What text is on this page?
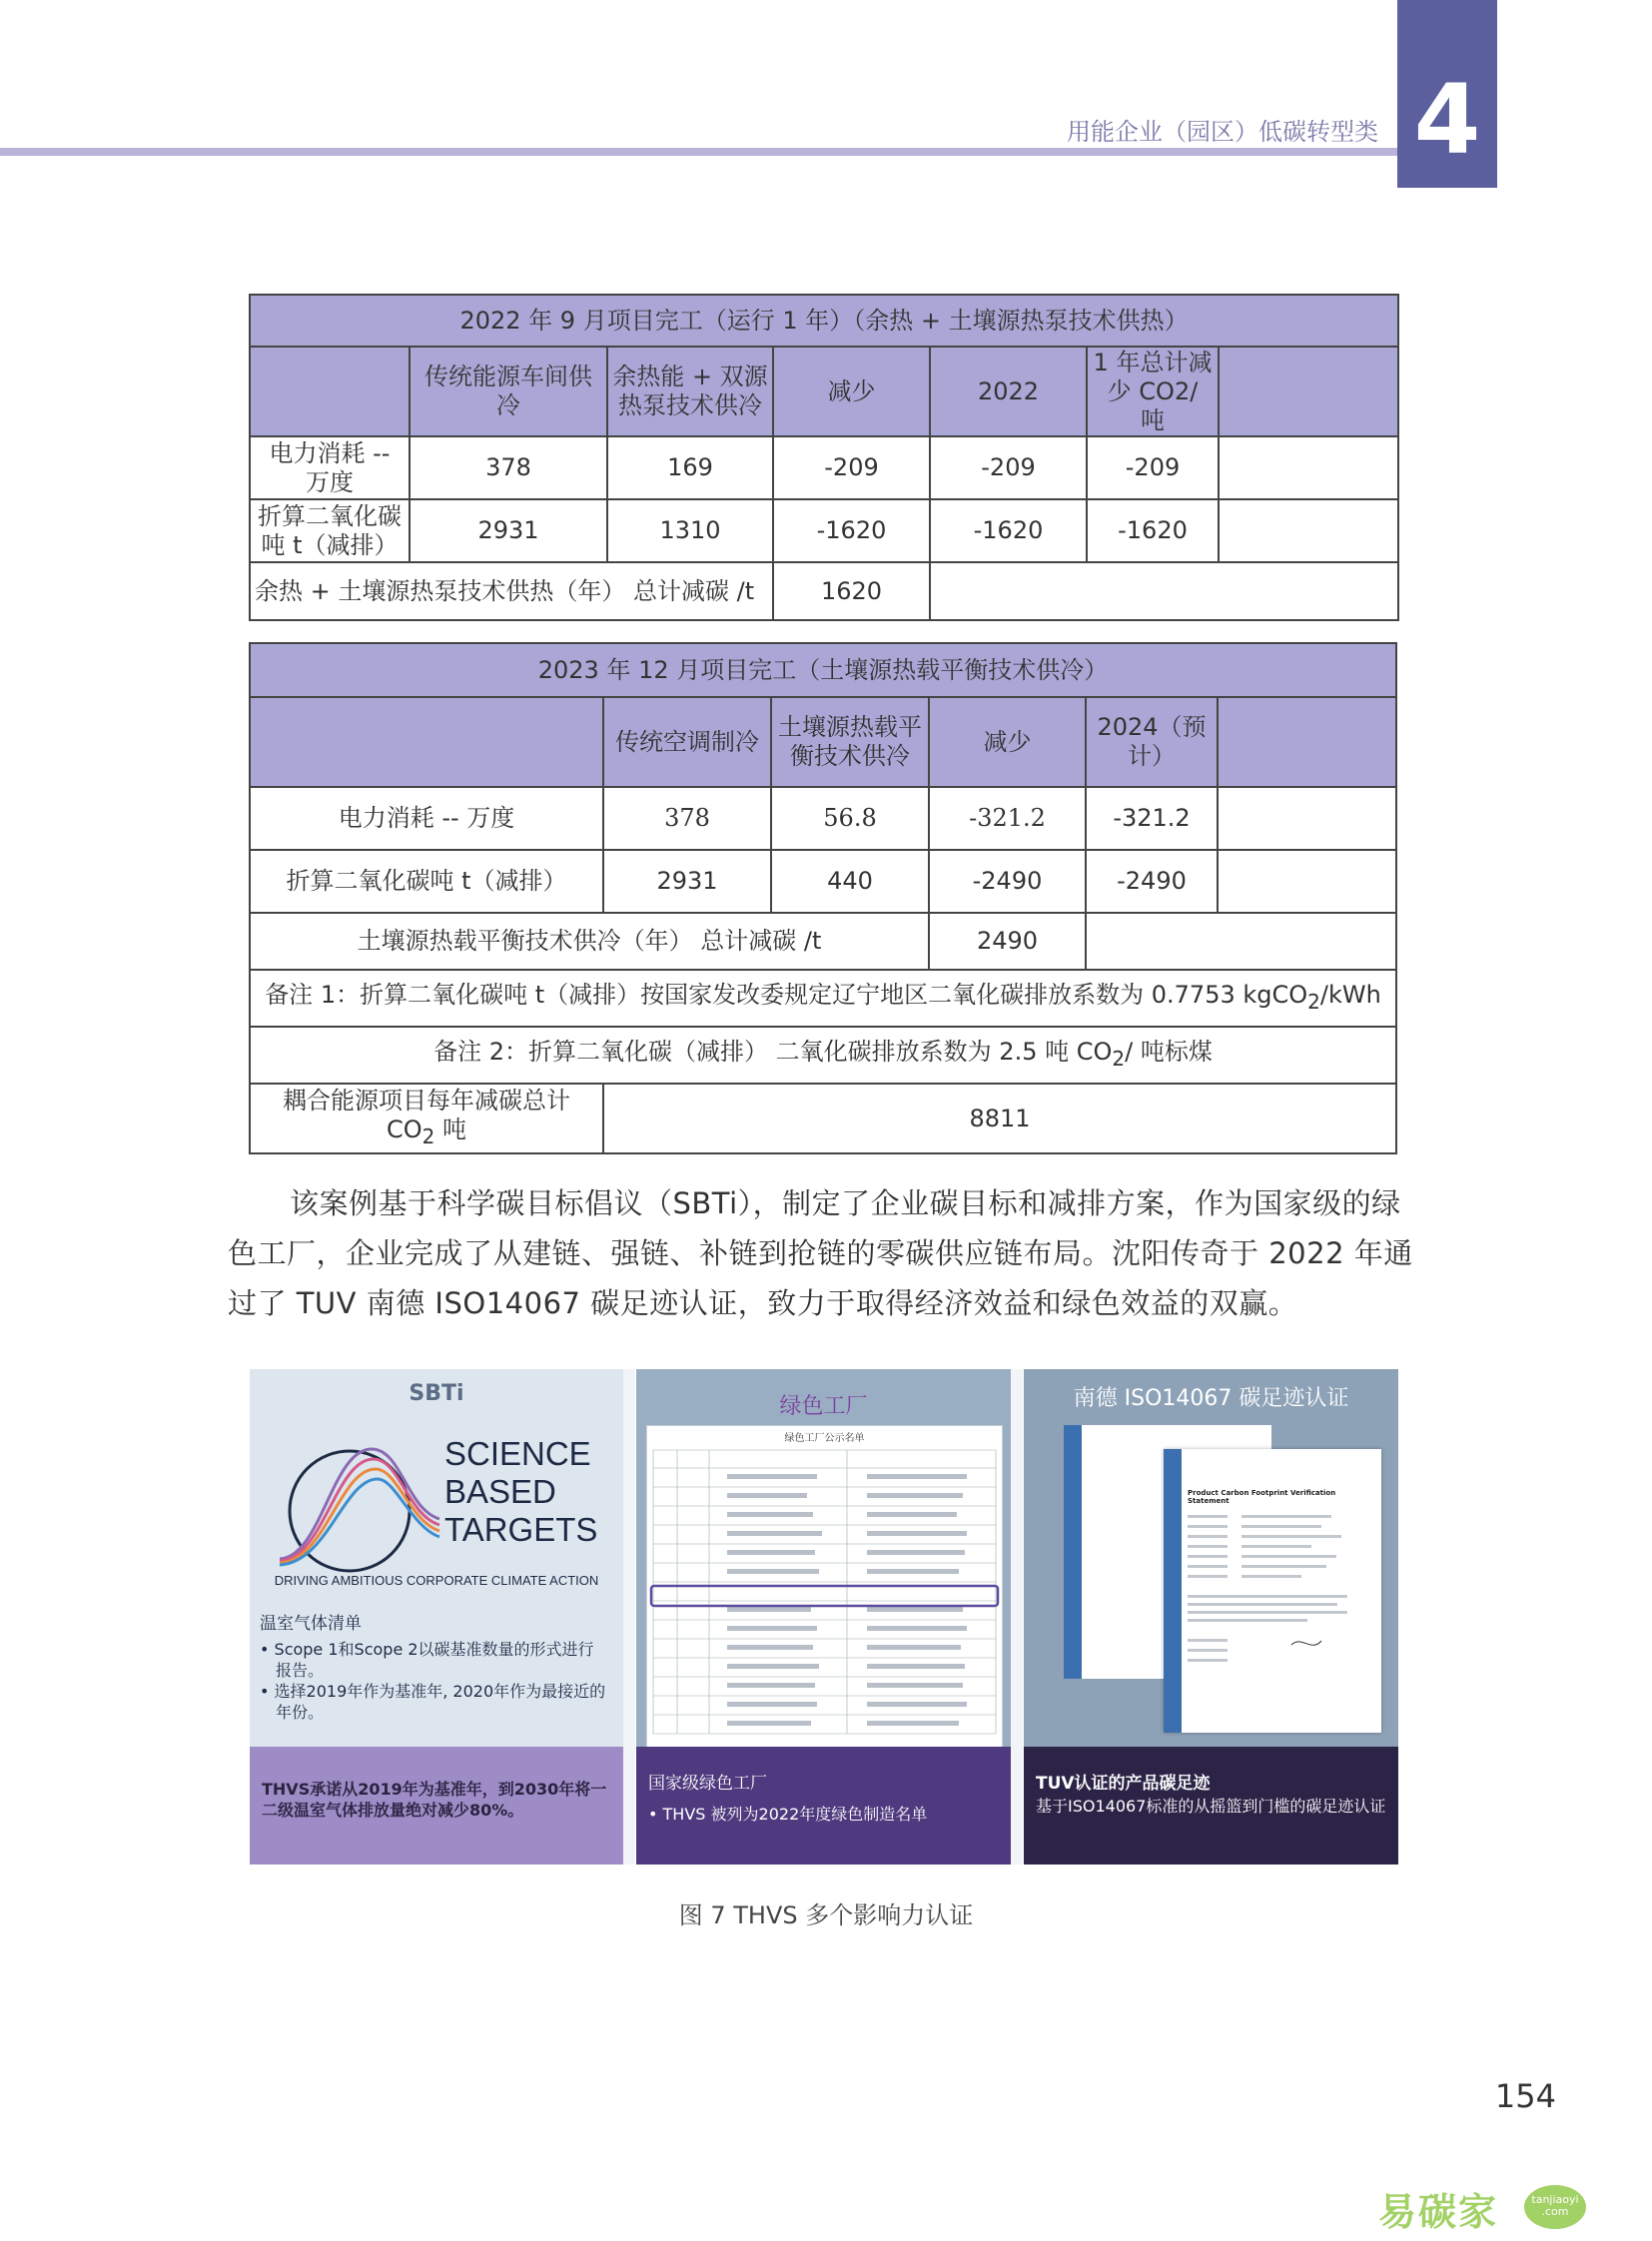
用能企业（园区）低碳转型类 4
2022 年 9 月项目完工（运行 1 年）（余热 + 土壤源热泵技术供热）						
	传统能源车间供冷	余热能 + 双源热泵技术供冷	减少	2022	1 年总计减少 CO2/ 吨	
电力消耗 -- 万度	378	169	-209	-209	-209	
折算二氧化碳吨 t（减排）	2931	1310	-1620	-1620	-1620	
余热 + 土壤源热泵技术供热（年） 总计减碳 /t			1620			
2023 年 12 月项目完工（土壤源热载平衡技术供冷）					
	传统空调制冷	土壤源热载平衡技术供冷	减少	2024（预计）	
电力消耗 -- 万度	378	56.8	-321.2	-321.2	
折算二氧化碳吨 t（减排）	2931	440	-2490	-2490	
土壤源热载平衡技术供冷（年） 总计减碳 /t			2490		
备注 1：折算二氧化碳吨 t（减排）按国家发改委规定辽宁地区二氧化碳排放系数为 0.7753 kgCO$_2$/kWh					
备注 2：折算二氧化碳（减排） 二氧化碳排放系数为 2.5 吨 $CO_2/$ 吨标煤					
耦合能源项目每年减碳总计
$CO_2$ 吨	8811				
该案例基于科学碳目标倡议（SBTi），制定了企业碳目标和减排方案，作为国家级的绿色工厂，企业完成了从建链、强链、补链到抢链的零碳供应链布局。沈阳传奇于 2022 年通过了 TUV 南德 ISO14067 碳足迹认证，致力于取得经济效益和绿色效益的双赢。
SBTi
SCIENCE
BASED
TARGETS
DRIVING AMBITIOUS CORPORATE CLIMATE ACTION
温室气体清单
• Scope 1和Scope 2以碳基准数量的形式进行报告。
• 选择2019年作为基准年, 2020年作为最接近的年份。
THVS承诺从2019年为基准年，到2030年将一二级温室气体排放量绝对减少80%。
绿色工厂
绿色工厂公示名单
国家级绿色工厂
• THVS 被列为2022年度绿色制造名单
南德 ISO14067 碳足迹认证
Product Carbon Footprint Verification Statement
TUV认证的产品碳足迹
基于ISO14067标准的从摇篮到门槛的碳足迹认证
图 7 THVS 多个影响力认证
154
易碳家	tanjiaoyi
.com
